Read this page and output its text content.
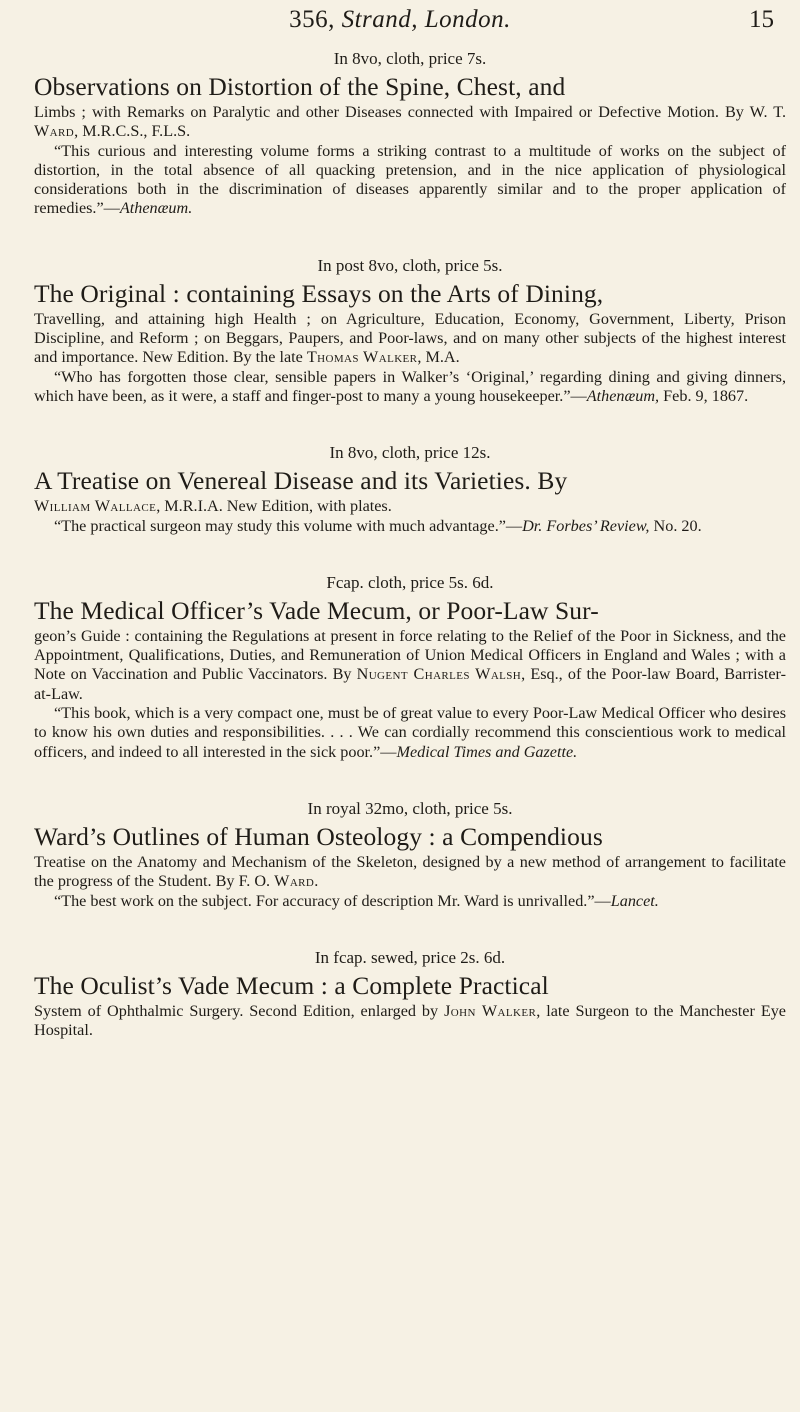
356, Strand, London.	15

In 8vo, cloth, price 7s.

Observations on Distortion of the Spine, Chest, and

Limbs ; with Remarks on Paralytic and other Diseases connected with Impaired or Defective Motion. By W. T. Ward, M.R.C.S., F.L.S.

“This curious and interesting volume forms a striking contrast to a multitude of works on the subject of distortion, in the total absence of all quacking pretension, and in the nice application of physiological considerations both in the discrimination of diseases apparently similar and to the proper application of remedies.”—Athenæum.

In post 8vo, cloth, price 5s.

The Original : containing Essays on the Arts of Dining,

Travelling, and attaining high Health ; on Agriculture, Education, Economy, Government, Liberty, Prison Discipline, and Reform ; on Beggars, Paupers, and Poor-laws, and on many other subjects of the highest interest and importance. New Edition. By the late Thomas Walker, M.A.

“Who has forgotten those clear, sensible papers in Walker’s ‘Original,’ regarding dining and giving dinners, which have been, as it were, a staff and finger-post to many a young housekeeper.”—Athenæum, Feb. 9, 1867.

In 8vo, cloth, price 12s.

A Treatise on Venereal Disease and its Varieties. By

William Wallace, M.R.I.A. New Edition, with plates.

“The practical surgeon may study this volume with much advantage.”—Dr. Forbes’ Review, No. 20.

Fcap. cloth, price 5s. 6d.

The Medical Officer’s Vade Mecum, or Poor-Law Sur-

geon’s Guide : containing the Regulations at present in force relating to the Relief of the Poor in Sickness, and the Appointment, Qualifications, Duties, and Remuneration of Union Medical Officers in England and Wales ; with a Note on Vaccination and Public Vaccinators. By Nugent Charles Walsh, Esq., of the Poor-law Board, Barrister-at-Law.

“This book, which is a very compact one, must be of great value to every Poor-Law Medical Officer who desires to know his own duties and responsibilities. . . . We can cordially recommend this conscientious work to medical officers, and indeed to all interested in the sick poor.”—Medical Times and Gazette.

In royal 32mo, cloth, price 5s.

Ward’s Outlines of Human Osteology : a Compendious

Treatise on the Anatomy and Mechanism of the Skeleton, designed by a new method of arrangement to facilitate the progress of the Student. By F. O. Ward.

“The best work on the subject. For accuracy of description Mr. Ward is unrivalled.”—Lancet.

In fcap. sewed, price 2s. 6d.

The Oculist’s Vade Mecum : a Complete Practical

System of Ophthalmic Surgery. Second Edition, enlarged by John Walker, late Surgeon to the Manchester Eye Hospital.
